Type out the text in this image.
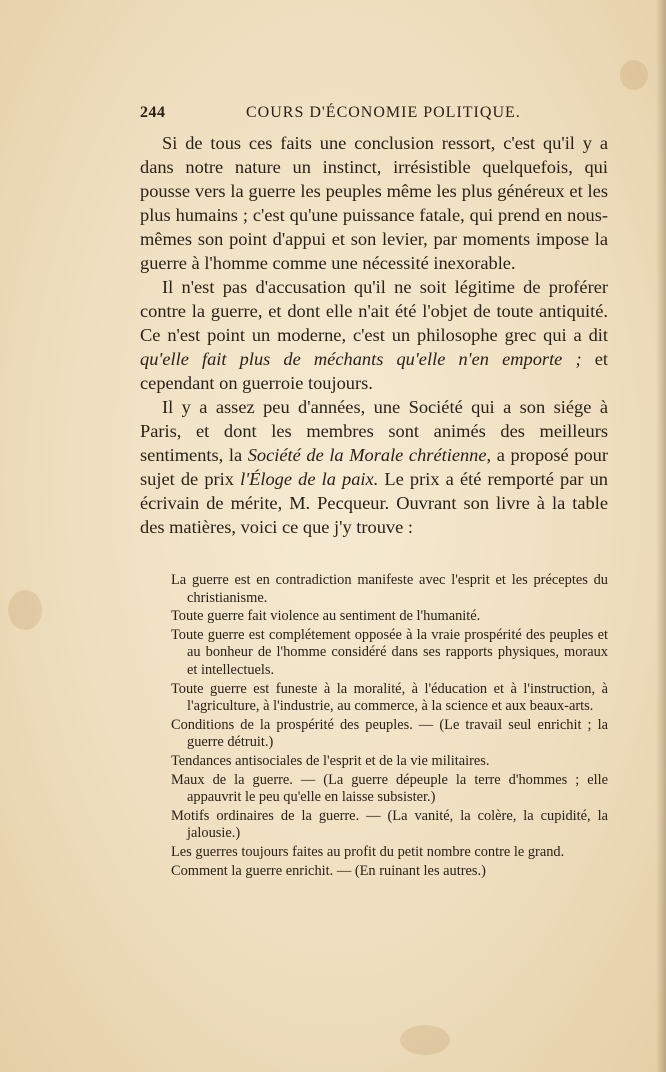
244	COURS D'ÉCONOMIE POLITIQUE.

Si de tous ces faits une conclusion ressort, c'est qu'il y a dans notre nature un instinct, irrésistible quelquefois, qui pousse vers la guerre les peuples même les plus généreux et les plus humains ; c'est qu'une puissance fatale, qui prend en nous-mêmes son point d'appui et son levier, par moments impose la guerre à l'homme comme une nécessité inexorable.

Il n'est pas d'accusation qu'il ne soit légitime de proférer contre la guerre, et dont elle n'ait été l'objet de toute antiquité. Ce n'est point un moderne, c'est un philosophe grec qui a dit qu'elle fait plus de méchants qu'elle n'en emporte ; et cependant on guerroie toujours.

Il y a assez peu d'années, une Société qui a son siége à Paris, et dont les membres sont animés des meilleurs sentiments, la Société de la Morale chrétienne, a proposé pour sujet de prix l'Éloge de la paix. Le prix a été remporté par un écrivain de mérite, M. Pecqueur. Ouvrant son livre à la table des matières, voici ce que j'y trouve :

La guerre est en contradiction manifeste avec l'esprit et les préceptes du christianisme.
Toute guerre fait violence au sentiment de l'humanité.
Toute guerre est complétement opposée à la vraie prospérité des peuples et au bonheur de l'homme considéré dans ses rapports physiques, moraux et intellectuels.
Toute guerre est funeste à la moralité, à l'éducation et à l'instruction, à l'agriculture, à l'industrie, au commerce, à la science et aux beaux-arts.
Conditions de la prospérité des peuples. — (Le travail seul enrichit ; la guerre détruit.)
Tendances antisociales de l'esprit et de la vie militaires.
Maux de la guerre. — (La guerre dépeuple la terre d'hommes ; elle appauvrit le peu qu'elle en laisse subsister.)
Motifs ordinaires de la guerre. — (La vanité, la colère, la cupidité, la jalousie.)
Les guerres toujours faites au profit du petit nombre contre le grand.
Comment la guerre enrichit. — (En ruinant les autres.)
